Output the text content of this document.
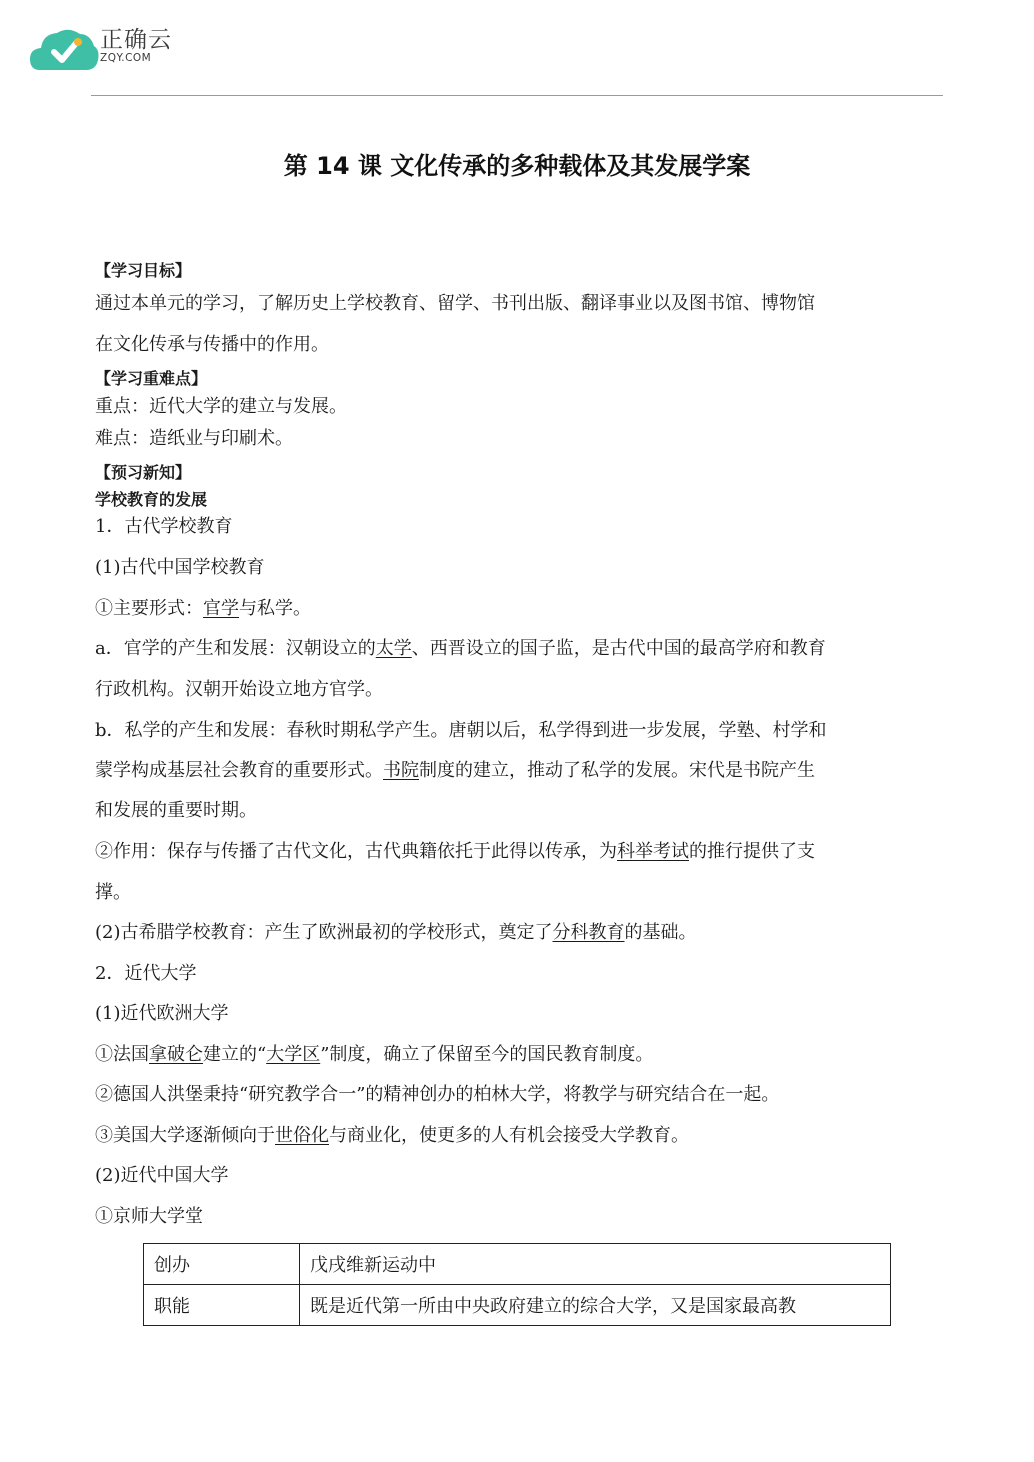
正确云
ZQY.COM
第 14 课 文化传承的多种载体及其发展学案
【学习目标】
通过本单元的学习，了解历史上学校教育、留学、书刊出版、翻译事业以及图书馆、博物馆
在文化传承与传播中的作用。
【学习重难点】
重点：近代大学的建立与发展。
难点：造纸业与印刷术。
【预习新知】
学校教育的发展
1．古代学校教育
(1)古代中国学校教育
①主要形式：官学与私学。
a．官学的产生和发展：汉朝设立的太学、西晋设立的国子监，是古代中国的最高学府和教育
行政机构。汉朝开始设立地方官学。
b．私学的产生和发展：春秋时期私学产生。唐朝以后，私学得到进一步发展，学塾、村学和
蒙学构成基层社会教育的重要形式。书院制度的建立，推动了私学的发展。宋代是书院产生
和发展的重要时期。
②作用：保存与传播了古代文化，古代典籍依托于此得以传承，为科举考试的推行提供了支
撑。
(2)古希腊学校教育：产生了欧洲最初的学校形式，奠定了分科教育的基础。
2．近代大学
(1)近代欧洲大学
①法国拿破仑建立的“大学区”制度，确立了保留至今的国民教育制度。
②德国人洪堡秉持“研究教学合一”的精神创办的柏林大学，将教学与研究结合在一起。
③美国大学逐渐倾向于世俗化与商业化，使更多的人有机会接受大学教育。
(2)近代中国大学
①京师大学堂
创办	戊戌维新运动中
职能	既是近代第一所由中央政府建立的综合大学，又是国家最高教
